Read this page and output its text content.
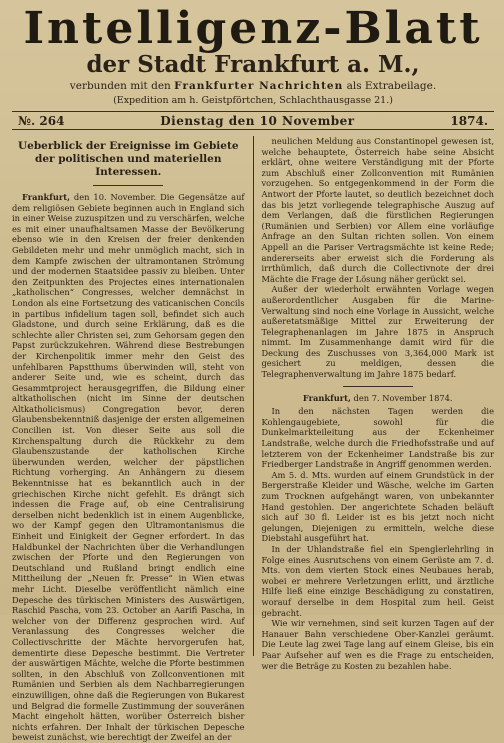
Intelligenz-Blatt

der Stadt Frankfurt a. M.,

verbunden mit den Frankfurter Nachrichten als Extrabeilage.

(Expedition am h. Geistpförtchen, Schlachthausgasse 21.)

№. 264	Dienstag den 10 November	1874.
Ueberblick der Ereignisse im Gebiete der politischen und materiellen Interessen.

Frankfurt, den 10. November. Die Gegensätze auf dem religiösen Gebiete beginnen auch in England sich in einer Weise zuzuspitzen und zu verschärfen, welche es mit einer unaufhaltsamen Masse der Bevölkerung ebenso wie in den Kreisen der freier denkenden Gebildeten mehr und mehr unmöglich macht, sich in dem Kampfe zwischen der ultramontanen Strömung und der modernen Staatsidee passiv zu bleiben. Unter den Zeitpunkten des Projectes eines internationalen „katholischen“ Congresses, welcher demnächst in London als eine Fortsetzung des vaticanischen Concils in partibus infidelium tagen soll, befindet sich auch Gladstone, und durch seine Erklärung, daß es die schlechte aller Christen sei, zum Gehorsam gegen den Papst zurückzukehren. Während diese Bestrebungen der Kirchenpolitik immer mehr den Geist des unfehlbaren Papstthums überwinden will, steht von anderer Seite und, wie es scheint, durch das Gesammtproject herausgegriffen, die Bildung einer altkatholischen (nicht im Sinne der deutschen Altkatholicismus) Congregation bevor, deren Glaubensbekenntniß dasjenige der ersten allgemeinen Concilien ist. Von dieser Seite aus soll die Kirchenspaltung durch die Rückkehr zu dem Glaubenszustande der katholischen Kirche überwunden werden, welcher der päpstlichen Richtung vorherging. An Anhängern zu diesem Bekenntnisse hat es bekanntlich auch in der griechischen Kirche nicht gefehlt. Es drängt sich indessen die Frage auf, ob eine Centralisirung derselben nicht bedenklich ist in einem Augenblicke, wo der Kampf gegen den Ultramontanismus die Einheit und Einigkeit der Gegner erfordert. In das Haldbunkel der Nachrichten über die Verhandlungen zwischen der Pforte und den Regierungen von Deutschland und Rußland bringt endlich eine Mittheilung der „Neuen fr. Presse“ in Wien etwas mehr Licht. Dieselbe veröffentlicht nämlich eine Depesche des türkischen Ministers des Auswärtigen, Raschid Pascha, vom 23. October an Aarifi Pascha, in welcher von der Differenz gesprochen wird. Auf Veranlassung des Congresses welcher die Collectivschritte der Mächte hervorgerufen hat, dementirte diese Depesche bestimmt. Die Vertreter der auswärtigen Mächte, welche die Pforte bestimmen sollten, in den Abschluß von Zollconventionen mit Rumänien und Serbien als dem Nachbarregierungen einzuwilligen, ohne daß die Regierungen von Bukarest und Belgrad die formelle Zustimmung der souveränen Macht eingeholt hätten, worüber Österreich bisher nichts erfahren. Der Inhalt der türkischen Depesche beweist zunächst, wie berechtigt der Zweifel an der

neulichen Meldung aus Constantinopel gewesen ist, welche behauptete, Österreich habe seine Absicht erklärt, ohne weitere Verständigung mit der Pforte zum Abschluß einer Zollconvention mit Rumänien vorzugehen. So entgegenkommend in der Form die Antwort der Pforte lautet, so deutlich bezeichnet doch das bis jetzt vorliegende telegraphische Auszug auf dem Verlangen, daß die fürstlichen Regierungen (Rumänien und Serbien) vor Allem eine vorläufige Anfrage an den Sultan richten sollen. Von einem Appell an die Pariser Vertragsmächte ist keine Rede; andererseits aber erweist sich die Forderung als irrthümlich, daß durch die Collectivnote der drei Mächte die Frage der Lösung näher gerückt sei.

Außer der wiederholt erwähnten Vorlage wegen außerordentlicher Ausgaben für die Marine-Verwaltung sind noch eine Vorlage in Aussicht, welche außeretatsmäßige Mittel zur Erweiterung der Telegraphenanlagen im Jahre 1875 in Anspruch nimmt. Im Zusammenhange damit wird für die Deckung des Zuschusses von 3,364,000 Mark ist gesichert zu meldigen, dessen die Telegraphenverwaltung im Jahre 1875 bedarf.

Frankfurt, den 7. November 1874.

In den nächsten Tagen werden die Kohlengaugebiete, sowohl für die Dunkelmarkteileitung aus der Eckenheimer Landstraße, welche durch die Friedhofsstraße und auf letzterem von der Eckenheimer Landstraße bis zur Friedberger Landstraße in Angriff genommen werden.

Am 5. d. Mts. wurden auf einem Grundstück in der Bergerstraße Kleider und Wäsche, welche im Garten zum Trocknen aufgehängt waren, von unbekannter Hand gestohlen. Der angerichtete Schaden beläuft sich auf 30 fl. Leider ist es bis jetzt noch nicht gelungen, Diejenigen zu ermitteln, welche diese Diebstahl ausgeführt hat.

In der Uhlandstraße fiel ein Spenglerlehrling in Folge eines Ausrutschens von einem Gerüste am 7. d. Mts. von dem vierten Stock eines Neubaues herab, wobei er mehrere Verletzungen erlitt, und ärztliche Hilfe ließ eine einzige Beschädigung zu constatiren, worauf derselbe in dem Hospital zum heil. Geist gebracht.

Wie wir vernehmen, sind seit kurzen Tagen auf der Hanauer Bahn verschiedene Ober-Kanzlei geräumt. Die Leute lag zwei Tage lang auf einem Gleise, bis ein Paar Aufseher auf wen es die Frage zu entscheiden, wer die Beträge zu Kosten zu bezahlen habe.
